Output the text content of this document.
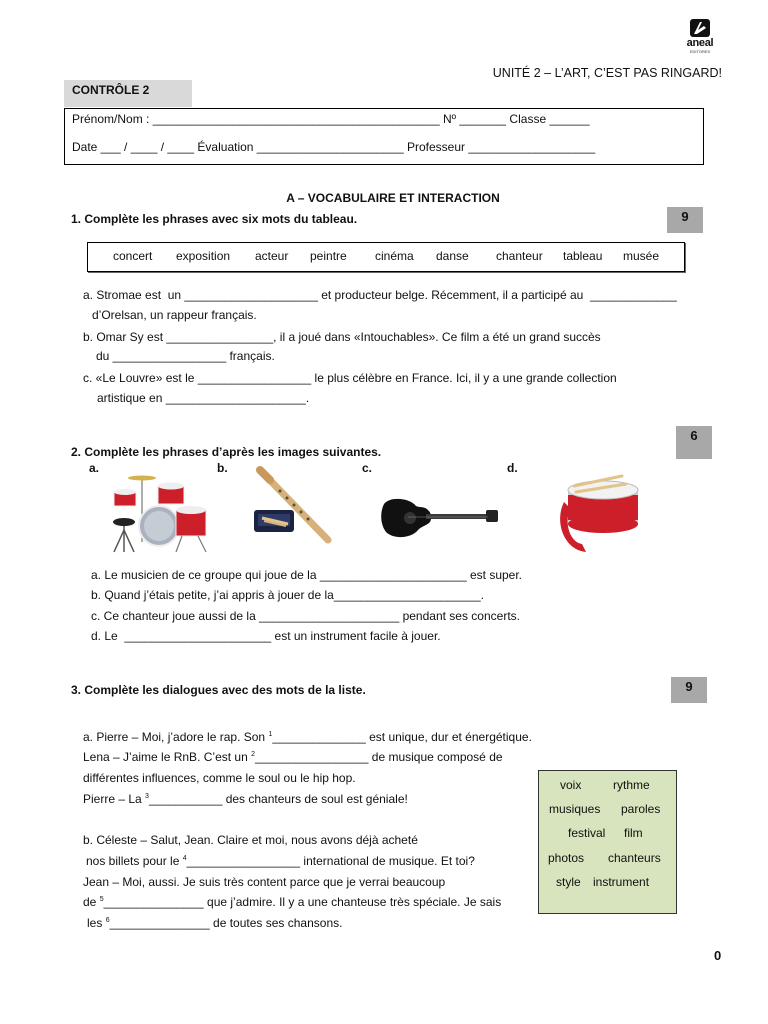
aneal
EDITORES
UNITÉ 2 – L’ART, C’EST PAS RINGARD!
CONTRÔLE 2
Prénom/Nom : ___________________________________________ Nº _______ Classe ______
Date ___ / ____ / ____ Évaluation ______________________ Professeur ___________________
A – VOCABULAIRE ET INTERACTION
1. Complète les phrases avec six mots du tableau.	9
concert exposition acteur peintre cinéma danse chanteur tableau musée
a. Stromae est  un ____________________ et producteur belge. Récemment, il a participé au  _____________
d’Orelsan, un rappeur français.
b. Omar Sy est ________________, il a joué dans «Intouchables». Ce film a été un grand succès
du _________________ français.
c. «Le Louvre» est le _________________ le plus célèbre en France. Ici, il y a une grande collection
artistique en _____________________.
6
2. Complète les phrases d’après les images suivantes.
a.	b.	c.	d.
a. Le musicien de ce groupe qui joue de la ______________________ est super.
b. Quand j’étais petite, j’ai appris à jouer de la______________________.
c. Ce chanteur joue aussi de la _____________________ pendant ses concerts.
d. Le  ______________________ est un instrument facile à jouer.
3. Complète les dialogues avec des mots de la liste.	9
a. Pierre – Moi, j’adore le rap. Son $^1$______________ est unique, dur et énergétique.
Lena – J’aime le RnB. C’est un $^2$_________________ de musique composé de
différentes influences, comme le soul ou le hip hop.
Pierre – La $^3$___________ des chanteurs de soul est géniale!
b. Céleste – Salut, Jean. Claire et moi, nous avons déjà acheté
nos billets pour le $^4$_________________ international de musique. Et toi?
Jean – Moi, aussi. Je suis très content parce que je verrai beaucoup
de $^5$_______________ que j’admire. Il y a une chanteuse très spéciale. Je sais
les $^6$_______________ de toutes ses chansons.
voix	rythme
musiques paroles
festival film
photos chanteurs
style instrument
0
